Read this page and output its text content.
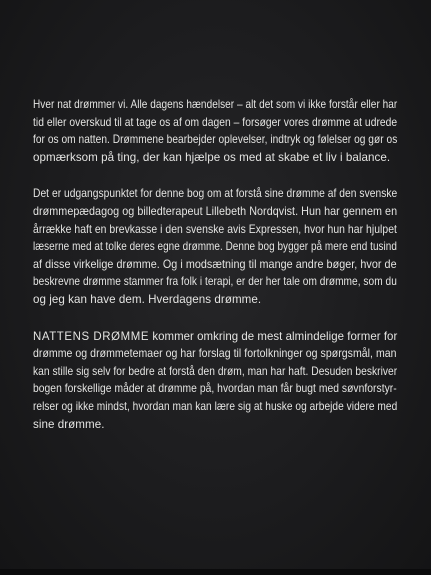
Hver nat drømmer vi. Alle dagens hændelser – alt det som vi ikke forstår eller har
tid eller overskud til at tage os af om dagen – forsøger vores drømme at udrede
for os om natten. Drømmene bearbejder oplevelser, indtryk og følelser og gør os
opmærksom på ting, der kan hjælpe os med at skabe et liv i balance.

Det er udgangspunktet for denne bog om at forstå sine drømme af den svenske
drømmepædagog og billedterapeut Lillebeth Nordqvist. Hun har gennem en
årrække haft en brevkasse i den svenske avis Expressen, hvor hun har hjulpet
læserne med at tolke deres egne drømme. Denne bog bygger på mere end tusind
af disse virkelige drømme. Og i modsætning til mange andre bøger, hvor de
beskrevne drømme stammer fra folk i terapi, er der her tale om drømme, som du
og jeg kan have dem. Hverdagens drømme.

NATTENS DRØMME kommer omkring de mest almindelige former for
drømme og drømmetemaer og har forslag til fortolkninger og spørgsmål, man
kan stille sig selv for bedre at forstå den drøm, man har haft. Desuden beskriver
bogen forskellige måder at drømme på, hvordan man får bugt med søvnforstyr-
relser og ikke mindst, hvordan man kan lære sig at huske og arbejde videre med
sine drømme.
